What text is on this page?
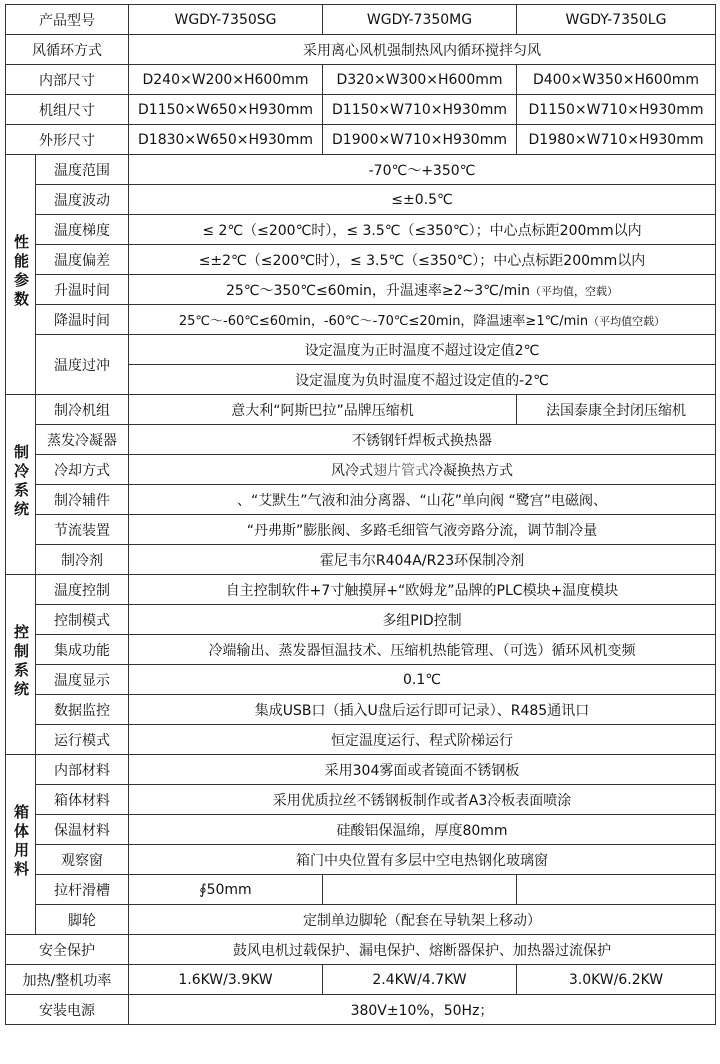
产品型号		WGDY-7350SG	WGDY-7350MG	WGDY-7350LG
风循环方式		采用离心风机强制热风内循环搅拌匀风		
内部尺寸		D240×W200×H600mm	D320×W300×H600mm	D400×W350×H600mm
机组尺寸		D1150×W650×H930mm	D1150×W710×H930mm	D1150×W710×H930mm
外形尺寸		D1830×W650×H930mm	D1900×W710×H930mm	D1980×W710×H930mm
性能参数	温度范围	-70℃～+350℃		
	温度波动	≤±0.5℃		
	温度梯度	≤ 2℃（≤200℃时），≤ 3.5℃（≤350℃）；中心点标距200mm以内		
	温度偏差	≤±2℃（≤200℃时），≤ 3.5℃（≤350℃）；中心点标距200mm以内		
	升温时间	25℃～350℃≤60min，升温速率≥2~3℃/min（平均值，空载）		
	降温时间	25℃～-60℃≤60min，-60℃～-70℃≤20min，降温速率≥1℃/min（平均值空载）		
	温度过冲	设定温度为正时温度不超过设定值2℃		
		设定温度为负时温度不超过设定值的-2℃		
制冷系统	制冷机组	意大利“阿斯巴拉”品牌压缩机		法国泰康全封闭压缩机
	蒸发冷凝器	不锈钢钎焊板式换热器		
	冷却方式	风冷式翅片管式冷凝换热方式		
	制冷辅件	、“艾默生”气液和油分离器、“山花”单向阀 “鹭宫”电磁阀、		
	节流装置	“丹弗斯”膨胀阀、多路毛细管气液旁路分流，调节制冷量		
	制冷剂	霍尼韦尔R404A/R23环保制冷剂		
控制系统	温度控制	自主控制软件+7寸触摸屏+“欧姆龙”品牌的PLC模块+温度模块		
	控制模式	多组PID控制		
	集成功能	冷端输出、蒸发器恒温技术、压缩机热能管理、（可选）循环风机变频		
	温度显示	0.1℃		
	数据监控	集成USB口（插入U盘后运行即可记录）、R485通讯口		
	运行模式	恒定温度运行、程式阶梯运行		
箱体用料	内部材料	采用304雾面或者镜面不锈钢板		
	箱体材料	采用优质拉丝不锈钢板制作或者A3冷板表面喷涂		
	保温材料	硅酸铝保温绵，厚度80mm		
	观察窗	箱门中央位置有多层中空电热钢化玻璃窗		
	拉杆滑槽	∮50mm		
	脚轮	定制单边脚轮（配套在导轨架上移动）		
安全保护		鼓风电机过载保护、漏电保护、熔断器保护、加热器过流保护		
加热/整机功率		1.6KW/3.9KW	2.4KW/4.7KW	3.0KW/6.2KW
安装电源		380V±10%，50Hz；		
